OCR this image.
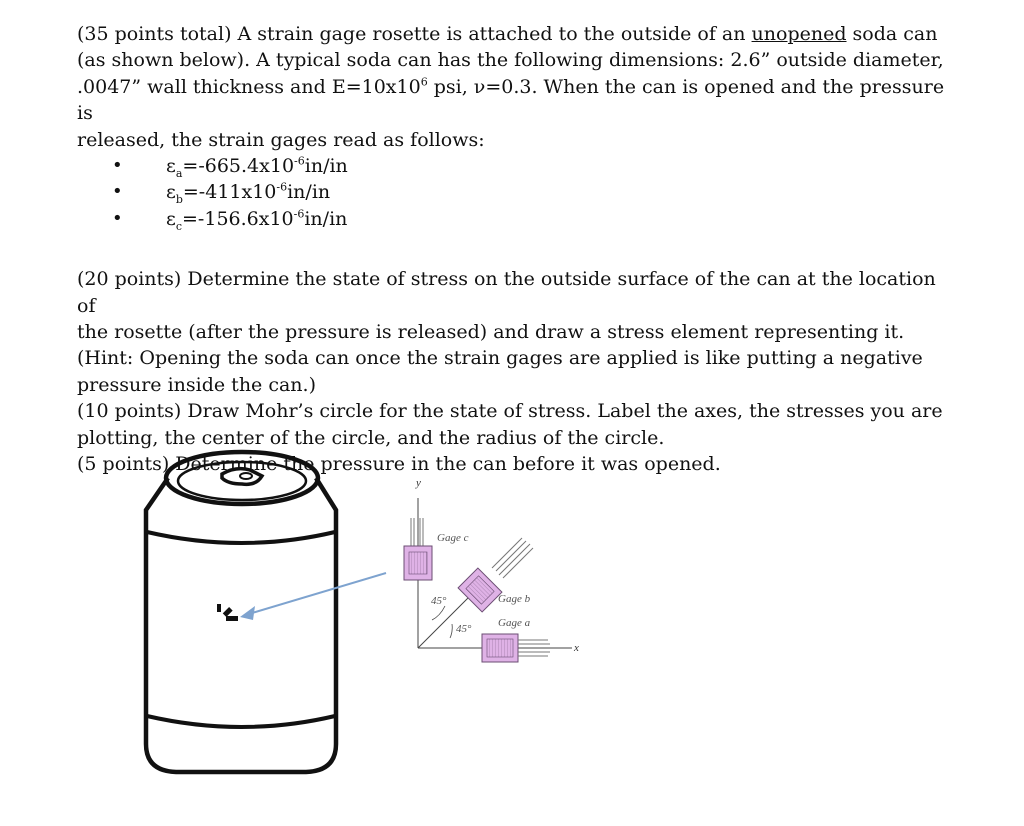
(35 points total) A strain gage rosette is attached to the outside of an unopened soda can
(as shown below). A typical soda can has the following dimensions: 2.6” outside diameter,
.0047” wall thickness and $E=10x10^6$ psi, ν=0.3. When the can is opened and the pressure is
released, the strain gages read as follows:

• $\varepsilon_a=-665.4x10^{-6}in/in$
• $\varepsilon_b=-411x10^{-6}in/in$
• $\varepsilon_c=-156.6x10^{-6}in/in$

(20 points) Determine the state of stress on the outside surface of the can at the location of
the rosette (after the pressure is released) and draw a stress element representing it.
(Hint: Opening the soda can once the strain gages are applied is like putting a negative
pressure inside the can.)
(10 points) Draw Mohr’s circle for the state of stress. Label the axes, the stresses you are
plotting, the center of the circle, and the radius of the circle.
(5 points) Determine the pressure in the can before it was opened.

y
x
45°
45°
Gage c
Gage b
Gage a
